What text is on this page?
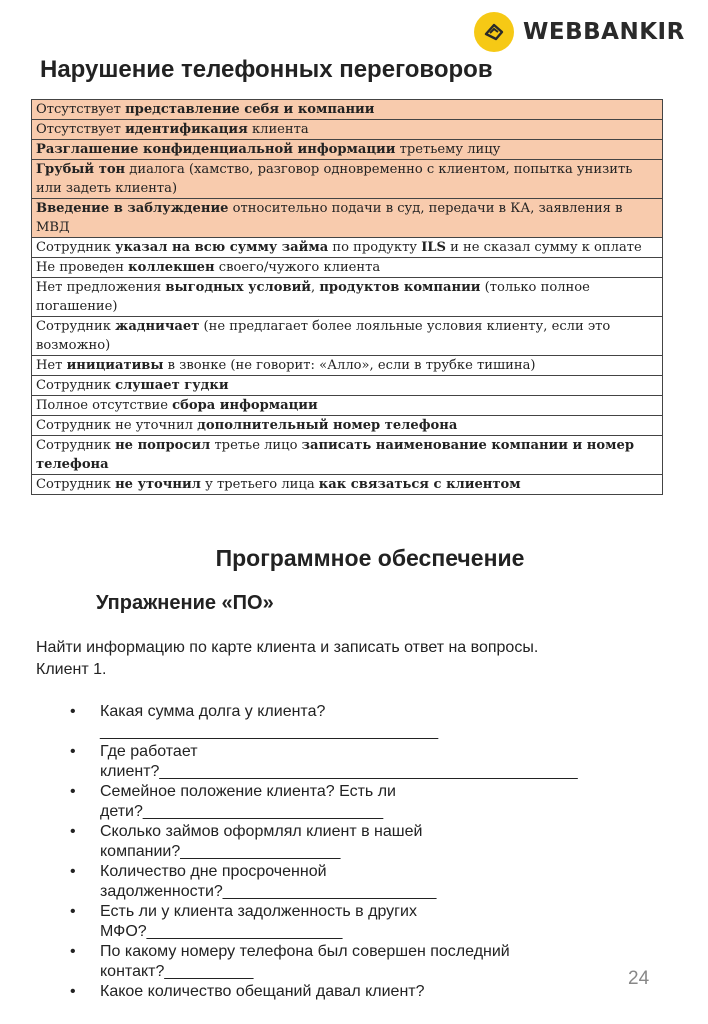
WEBBANKIR
Нарушение телефонных переговоров
Отсутствует представление себя и компании
Отсутствует идентификация клиента
Разглашение конфиденциальной информации третьему лицу
Грубый тон диалога (хамство, разговор одновременно с клиентом, попытка унизить или задеть клиента)
Введение в заблуждение относительно подачи в суд, передачи в КА, заявления в МВД
Сотрудник указал на всю сумму займа по продукту ILS и не сказал сумму к оплате
Не проведен коллекшен своего/чужого клиента
Нет предложения выгодных условий, продуктов компании (только полное погашение)
Сотрудник жадничает (не предлагает более лояльные условия клиенту, если это возможно)
Нет инициативы в звонке (не говорит: «Алло», если в трубке тишина)
Сотрудник слушает гудки
Полное отсутствие сбора информации
Сотрудник не уточнил дополнительный номер телефона
Сотрудник не попросил третье лицо записать наименование компании и номер телефона
Сотрудник не уточнил у третьего лица как связаться с клиентом
Программное обеспечение
Упражнение «ПО»
Найти информацию по карте клиента и записать ответ на вопросы.
Клиент 1.
• Какая сумма долга у клиента?
______________________________________
• Где работает
клиент?_______________________________________________
• Семейное положение клиента? Есть ли
дети?___________________________
• Сколько займов оформлял клиент в нашей
компании?__________________
• Количество дне просроченной
задолженности?________________________
• Есть ли у клиента задолженность в других
МФО?______________________
• По какому номеру телефона был совершен последний
контакт?__________
• Какое количество обещаний давал клиент?
24
